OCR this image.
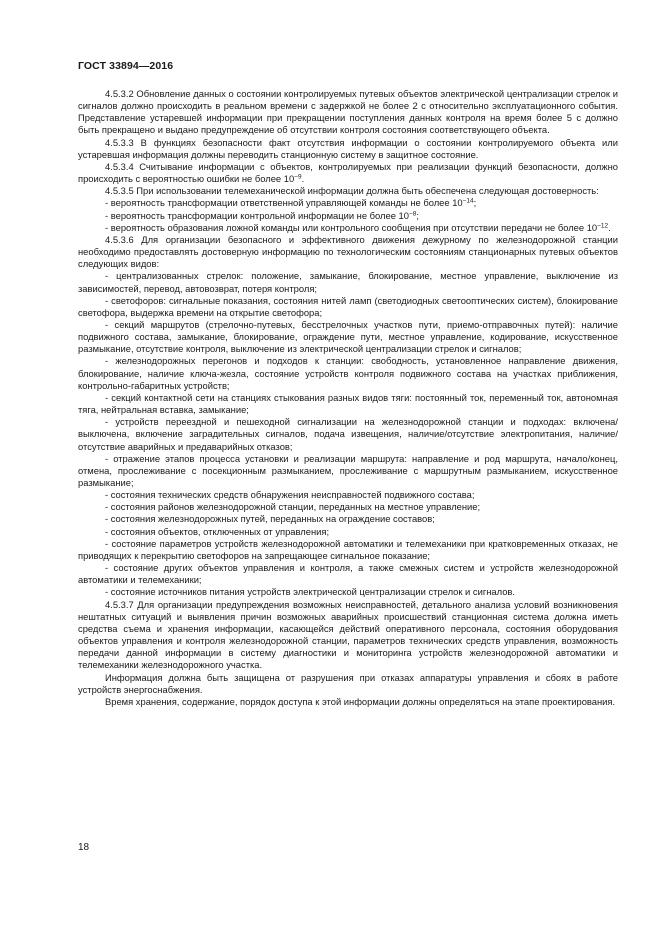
ГОСТ 33894—2016

4.5.3.2 Обновление данных о состоянии контролируемых путевых объектов электрической централизации стрелок и сигналов должно происходить в реальном времени с задержкой не более 2 с относительно эксплуатационного события. Представление устаревшей информации при прекращении поступления данных контроля на время более 5 с должно быть прекращено и выдано предупреждение об отсутствии контроля состояния соответствующего объекта.

4.5.3.3 В функциях безопасности факт отсутствия информации о состоянии контролируемого объекта или устаревшая информация должны переводить станционную систему в защитное состояние.

4.5.3.4 Считывание информации с объектов, контролируемых при реализации функций безопасности, должно происходить с вероятностью ошибки не более $10^{-9}$.

4.5.3.5 При использовании телемеханической информации должна быть обеспечена следующая достоверность:

- вероятность трансформации ответственной управляющей команды не более $10^{-14}$;

- вероятность трансформации контрольной информации не более $10^{-8}$;

- вероятность образования ложной команды или контрольного сообщения при отсутствии передачи не более $10^{-12}$.

4.5.3.6 Для организации безопасного и эффективного движения дежурному по железнодорожной станции необходимо предоставлять достоверную информацию по технологическим состояниям станционарных путевых объектов следующих видов:

- централизованных стрелок: положение, замыкание, блокирование, местное управление, выключение из зависимостей, перевод, автовозврат, потеря контроля;

- светофоров: сигнальные показания, состояния нитей ламп (светодиодных светооптических систем), блокирование светофора, выдержка времени на открытие светофора;

- секций маршрутов (стрелочно-путевых, бесстрелочных участков пути, приемо-отправочных путей): наличие подвижного состава, замыкание, блокирование, ограждение пути, местное управление, кодирование, искусственное размыкание, отсутствие контроля, выключение из электрической централизации стрелок и сигналов;

- железнодорожных перегонов и подходов к станции: свободность, установленное направление движения, блокирование, наличие ключа-жезла, состояние устройств контроля подвижного состава на участках приближения, контрольно-габаритных устройств;

- секций контактной сети на станциях стыкования разных видов тяги: постоянный ток, переменный ток, автономная тяга, нейтральная вставка, замыкание;

- устройств переездной и пешеходной сигнализации на железнодорожной станции и подходах: включена/выключена, включение заградительных сигналов, подача извещения, наличие/отсутствие электропитания, наличие/отсутствие аварийных и предаварийных отказов;

- отражение этапов процесса установки и реализации маршрута: направление и род маршрута, начало/конец, отмена, прослеживание с посекционным размыканием, прослеживание с маршрутным размыканием, искусственное размыкание;

- состояния технических средств обнаружения неисправностей подвижного состава;

- состояния районов железнодорожной станции, переданных на местное управление;

- состояния железнодорожных путей, переданных на ограждение составов;

- состояния объектов, отключенных от управления;

- состояние параметров устройств железнодорожной автоматики и телемеханики при кратковременных отказах, не приводящих к перекрытию светофоров на запрещающее сигнальное показание;

- состояние других объектов управления и контроля, а также смежных систем и устройств железнодорожной автоматики и телемеханики;

- состояние источников питания устройств электрической централизации стрелок и сигналов.

4.5.3.7 Для организации предупреждения возможных неисправностей, детального анализа условий возникновения нештатных ситуаций и выявления причин возможных аварийных происшествий станционная система должна иметь средства съема и хранения информации, касающейся действий оперативного персонала, состояния оборудования объектов управления и контроля железнодорожной станции, параметров технических средств управления, возможность передачи данной информации в систему диагностики и мониторинга устройств железнодорожной автоматики и телемеханики железнодорожного участка.

Информация должна быть защищена от разрушения при отказах аппаратуры управления и сбоях в работе устройств энергоснабжения.

Время хранения, содержание, порядок доступа к этой информации должны определяться на этапе проектирования.

18
